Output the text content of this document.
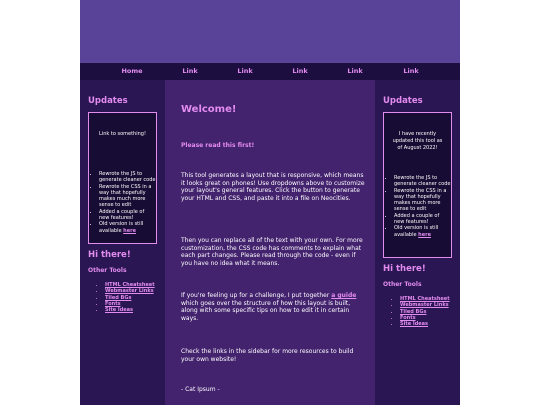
Home	Link	Link	Link	Link	Link
Updates
Link to something!
• Rewrote the JS to generate cleaner code
• Rewrote the CSS in a way that hopefully makes much more sense to edit
• Added a couple of new features!
• Old version is still available here
Hi there!
Other Tools
• HTML Cheatsheet
• Webmaster Links
• Tiled BGs
• Fonts
• Site Ideas
Welcome!
Please read this first!
This tool generates a layout that is responsive, which means it looks great on phones! Use dropdowns above to customize your layout's general features. Click the button to generate your HTML and CSS, and paste it into a file on Neocities.
Then you can replace all of the text with your own. For more customization, the CSS code has comments to explain what each part changes. Please read through the code - even if you have no idea what it means.
If you're feeling up for a challenge, I put together a guide which goes over the structure of how this layout is built, along with some specific tips on how to edit it in certain ways.
Check the links in the sidebar for more resources to build your own website!
- Cat Ipsum -
Updates
I have recently updated this tool as of August 2022!
• Rewrote the JS to generate cleaner code
• Rewrote the CSS in a way that hopefully makes much more sense to edit
• Added a couple of new features!
• Old version is still available here
Hi there!
Other Tools
• HTML Cheatsheet
• Webmaster Links
• Tiled BGs
• Fonts
• Site Ideas
